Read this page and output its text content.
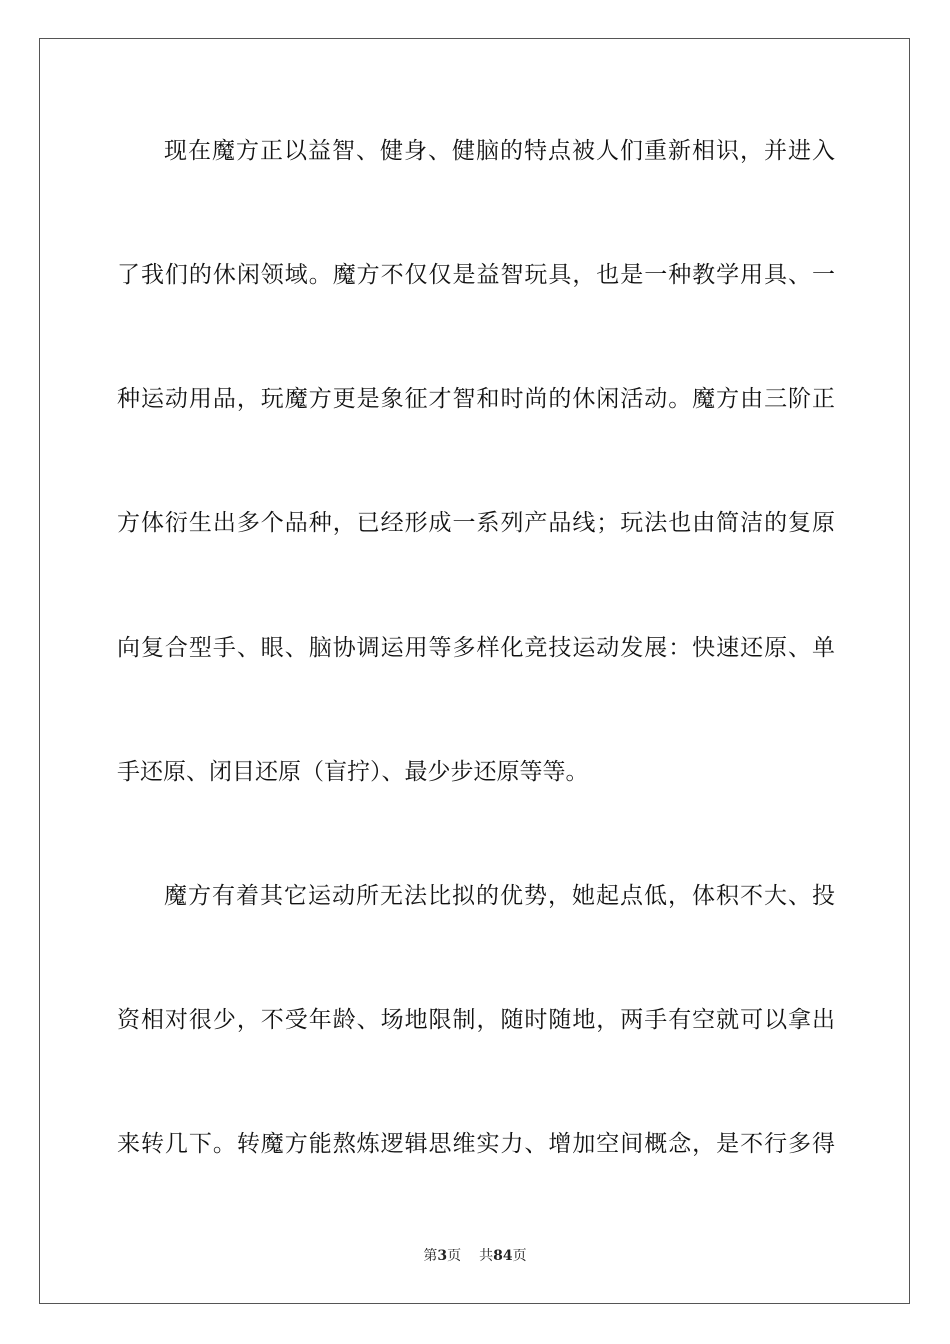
现在魔方正以益智、健身、健脑的特点被人们重新相识，并进入
了我们的休闲领域。魔方不仅仅是益智玩具，也是一种教学用具、一
种运动用品，玩魔方更是象征才智和时尚的休闲活动。魔方由三阶正
方体衍生出多个品种，已经形成一系列产品线；玩法也由简洁的复原
向复合型手、眼、脑协调运用等多样化竞技运动发展：快速还原、单
手还原、闭目还原（盲拧）、最少步还原等等。
魔方有着其它运动所无法比拟的优势，她起点低，体积不大、投
资相对很少，不受年龄、场地限制，随时随地，两手有空就可以拿出
来转几下。转魔方能熬炼逻辑思维实力、增加空间概念，是不行多得
第3页 共84页
